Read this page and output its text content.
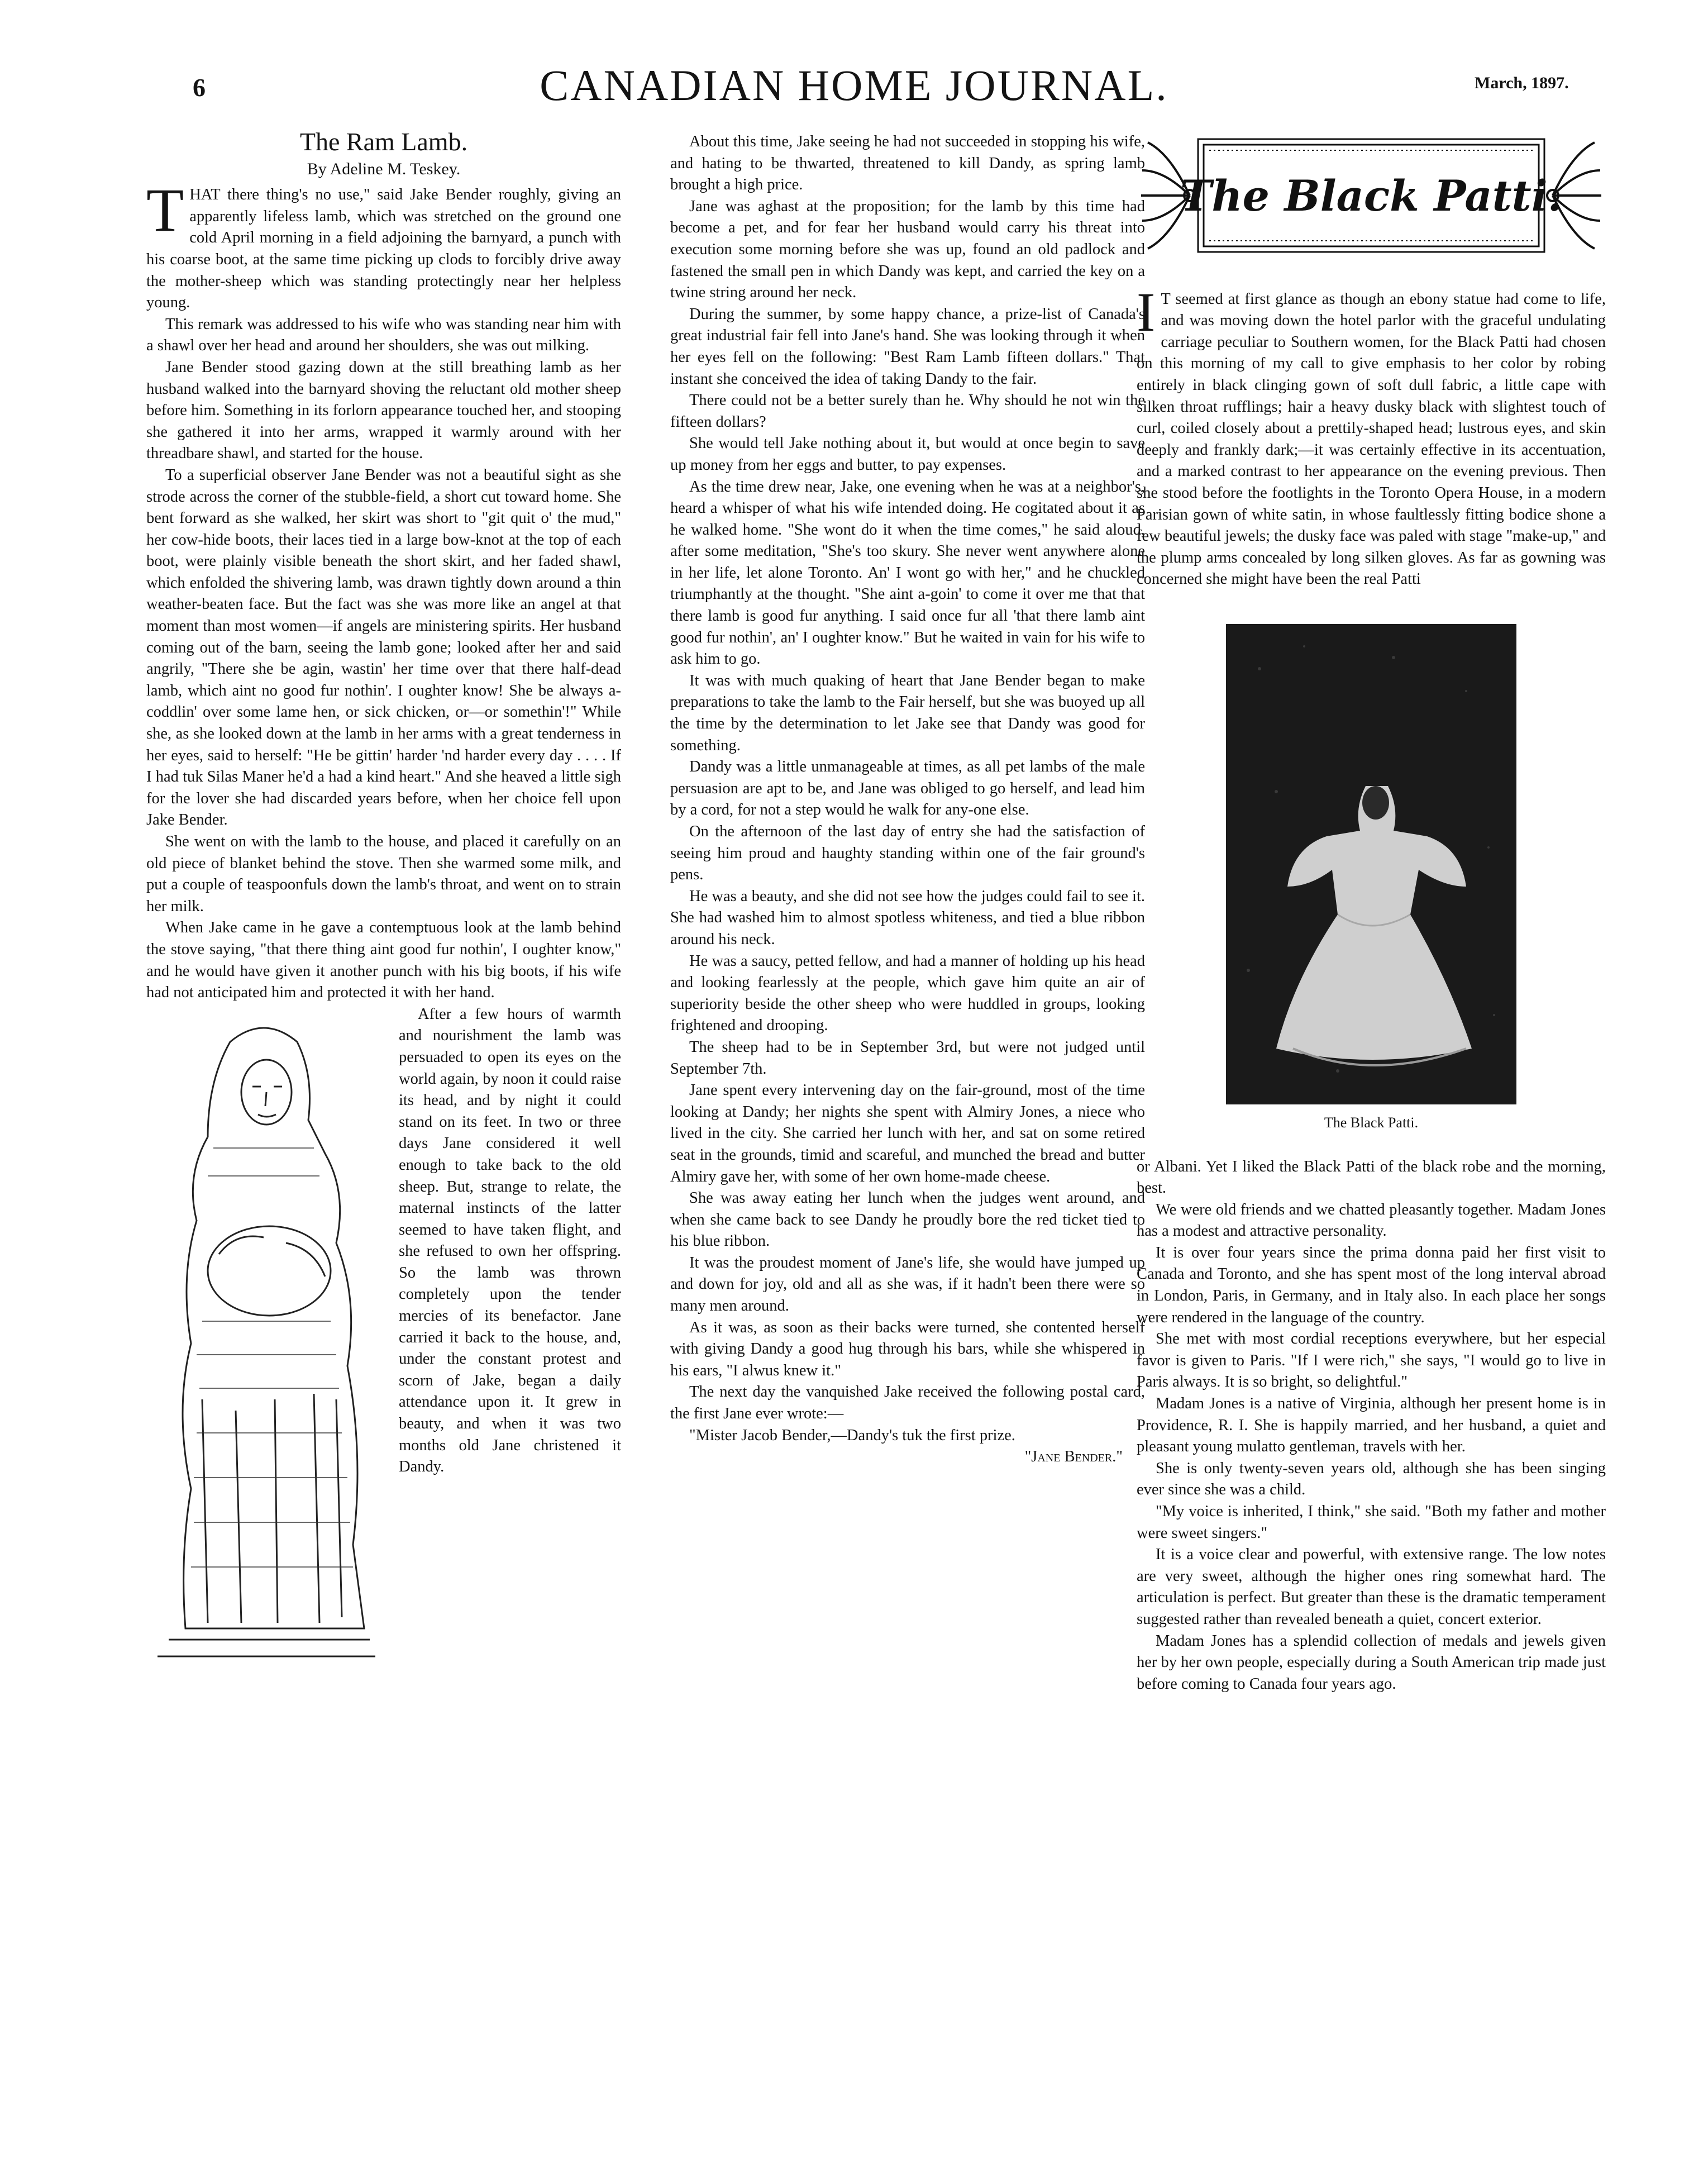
6	CANADIAN HOME JOURNAL.	March, 1897.
The Ram Lamb.
By Adeline M. Teskey.

THAT there thing's no use," said Jake Bender roughly, giving an apparently lifeless lamb, which was stretched on the ground one cold April morning in a field adjoining the barnyard, a punch with his coarse boot, at the same time picking up clods to forcibly drive away the mother-sheep which was standing protectingly near her helpless young.

This remark was addressed to his wife who was standing near him with a shawl over her head and around her shoulders, she was out milking.

Jane Bender stood gazing down at the still breathing lamb as her husband walked into the barnyard shoving the reluctant old mother sheep before him. Something in its forlorn appearance touched her, and stooping she gathered it into her arms, wrapped it warmly around with her threadbare shawl, and started for the house.

To a superficial observer Jane Bender was not a beautiful sight as she strode across the corner of the stubble-field, a short cut toward home. She bent forward as she walked, her skirt was short to "git quit o' the mud," her cow-hide boots, their laces tied in a large bow-knot at the top of each boot, were plainly visible beneath the short skirt, and her faded shawl, which enfolded the shivering lamb, was drawn tightly down around a thin weather-beaten face. But the fact was she was more like an angel at that moment than most women—if angels are ministering spirits. Her husband coming out of the barn, seeing the lamb gone; looked after her and said angrily, "There she be agin, wastin' her time over that there half-dead lamb, which aint no good fur nothin'. I oughter know! She be always a-coddlin' over some lame hen, or sick chicken, or—or somethin'!" While she, as she looked down at the lamb in her arms with a great tenderness in her eyes, said to herself: "He be gittin' harder 'nd harder every day . . . . If I had tuk Silas Maner he'd a had a kind heart." And she heaved a little sigh for the lover she had discarded years before, when her choice fell upon Jake Bender.

She went on with the lamb to the house, and placed it carefully on an old piece of blanket behind the stove. Then she warmed some milk, and put a couple of teaspoonfuls down the lamb's throat, and went on to strain her milk.

When Jake came in he gave a contemptuous look at the lamb behind the stove saying, "that there thing aint good fur nothin', I oughter know," and he would have given it another punch with his big boots, if his wife had not anticipated him and protected it with her hand.

After a few hours of warmth and nourishment the lamb was persuaded to open its eyes on the world again, by noon it could raise its head, and by night it could stand on its feet. In two or three days Jane considered it well enough to take back to the old sheep. But, strange to relate, the maternal instincts of the latter seemed to have taken flight, and she refused to own her offspring. So the lamb was thrown completely upon the tender mercies of its benefactor. Jane carried it back to the house, and, under the constant protest and scorn of Jake, began a daily attendance upon it. It grew in beauty, and when it was two months old Jane christened it Dandy.

About this time, Jake seeing he had not succeeded in stopping his wife, and hating to be thwarted, threatened to kill Dandy, as spring lamb brought a high price.

Jane was aghast at the proposition; for the lamb by this time had become a pet, and for fear her husband would carry his threat into execution some morning before she was up, found an old padlock and fastened the small pen in which Dandy was kept, and carried the key on a twine string around her neck.

During the summer, by some happy chance, a prize-list of Canada's great industrial fair fell into Jane's hand. She was looking through it when her eyes fell on the following: "Best Ram Lamb fifteen dollars." That instant she conceived the idea of taking Dandy to the fair.

There could not be a better surely than he. Why should he not win the fifteen dollars?

She would tell Jake nothing about it, but would at once begin to save up money from her eggs and butter, to pay expenses.

As the time drew near, Jake, one evening when he was at a neighbor's, heard a whisper of what his wife intended doing. He cogitated about it as he walked home. "She wont do it when the time comes," he said aloud, after some meditation, "She's too skury. She never went anywhere alone in her life, let alone Toronto. An' I wont go with her," and he chuckled triumphantly at the thought. "She aint a-goin' to come it over me that that there lamb is good fur anything. I said once fur all 'that there lamb aint good fur nothin', an' I oughter know." But he waited in vain for his wife to ask him to go.

It was with much quaking of heart that Jane Bender began to make preparations to take the lamb to the Fair herself, but she was buoyed up all the time by the determination to let Jake see that Dandy was good for something.

Dandy was a little unmanageable at times, as all pet lambs of the male persuasion are apt to be, and Jane was obliged to go herself, and lead him by a cord, for not a step would he walk for any-one else.

On the afternoon of the last day of entry she had the satisfaction of seeing him proud and haughty standing within one of the fair ground's pens.

He was a beauty, and she did not see how the judges could fail to see it. She had washed him to almost spotless whiteness, and tied a blue ribbon around his neck.

He was a saucy, petted fellow, and had a manner of holding up his head and looking fearlessly at the people, which gave him quite an air of superiority beside the other sheep who were huddled in groups, looking frightened and drooping.

The sheep had to be in September 3rd, but were not judged until September 7th.

Jane spent every intervening day on the fair-ground, most of the time looking at Dandy; her nights she spent with Almiry Jones, a niece who lived in the city. She carried her lunch with her, and sat on some retired seat in the grounds, timid and scareful, and munched the bread and butter Almiry gave her, with some of her own home-made cheese.

She was away eating her lunch when the judges went around, and when she came back to see Dandy he proudly bore the red ticket tied to his blue ribbon.

It was the proudest moment of Jane's life, she would have jumped up and down for joy, old and all as she was, if it hadn't been there were so many men around.

As it was, as soon as their backs were turned, she contented herself with giving Dandy a good hug through his bars, while she whispered in his ears, "I alwus knew it."

The next day the vanquished Jake received the following postal card, the first Jane ever wrote:—

"Mister Jacob Bender,—Dandy's tuk the first prize.

"Jane Bender."
The Black Patti.

I T seemed at first glance as though an ebony statue had come to life, and was moving down the hotel parlor with the graceful undulating carriage peculiar to Southern women, for the Black Patti had chosen on this morning of my call to give emphasis to her color by robing entirely in black clinging gown of soft dull fabric, a little cape with silken throat rufflings; hair a heavy dusky black with slightest touch of curl, coiled closely about a prettily-shaped head; lustrous eyes, and skin deeply and frankly dark;—it was certainly effective in its accentuation, and a marked contrast to her appearance on the evening previous. Then she stood before the footlights in the Toronto Opera House, in a modern Parisian gown of white satin, in whose faultlessly fitting bodice shone a few beautiful jewels; the dusky face was paled with stage "make-up," and the plump arms concealed by long silken gloves. As far as gowning was concerned she might have been the real Patti

The Black Patti.

or Albani. Yet I liked the Black Patti of the black robe and the morning, best.

We were old friends and we chatted pleasantly together. Madam Jones has a modest and attractive personality.

It is over four years since the prima donna paid her first visit to Canada and Toronto, and she has spent most of the long interval abroad in London, Paris, in Germany, and in Italy also. In each place her songs were rendered in the language of the country.

She met with most cordial receptions everywhere, but her especial favor is given to Paris. "If I were rich," she says, "I would go to live in Paris always. It is so bright, so delightful."

Madam Jones is a native of Virginia, although her present home is in Providence, R. I. She is happily married, and her husband, a quiet and pleasant young mulatto gentleman, travels with her.

She is only twenty-seven years old, although she has been singing ever since she was a child.

"My voice is inherited, I think," she said. "Both my father and mother were sweet singers."

It is a voice clear and powerful, with extensive range. The low notes are very sweet, although the higher ones ring somewhat hard. The articulation is perfect. But greater than these is the dramatic temperament suggested rather than revealed beneath a quiet, concert exterior.

Madam Jones has a splendid collection of medals and jewels given her by her own people, especially during a South American trip made just before coming to Canada four years ago.
